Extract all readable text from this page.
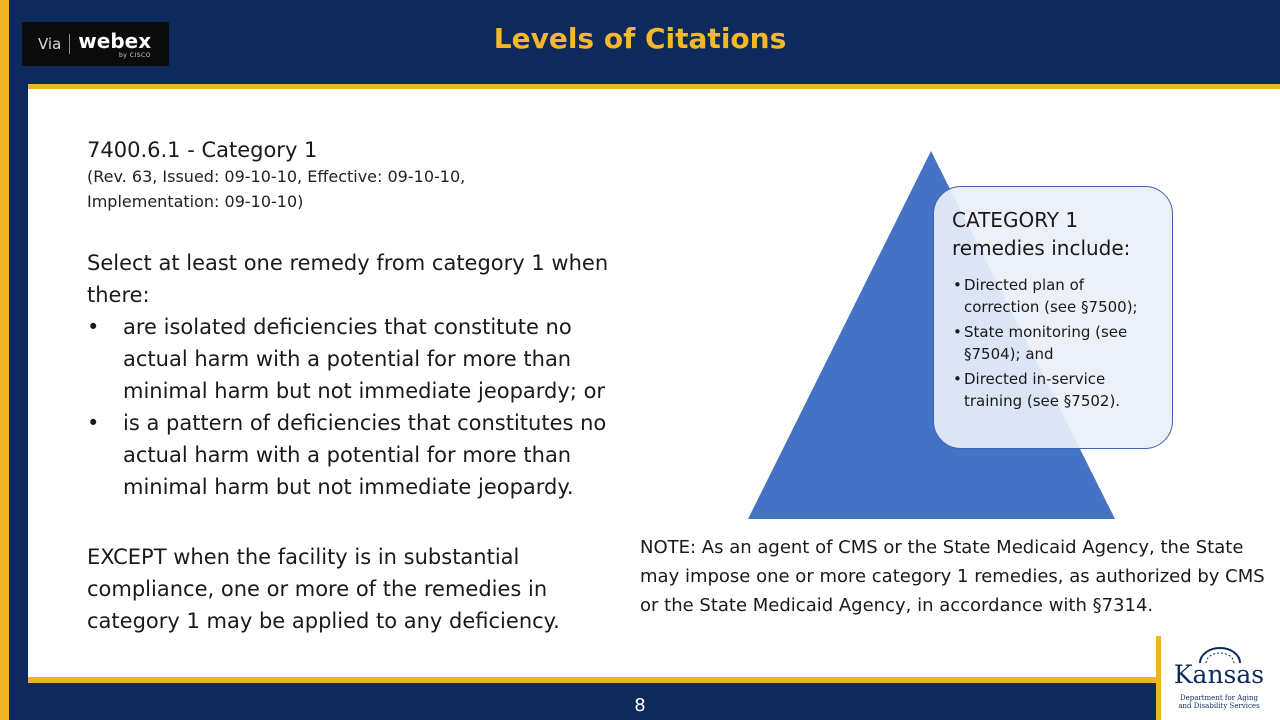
Levels of Citations
Via webex
by CISCO
7400.6.1 - Category 1
(Rev. 63, Issued: 09-10-10, Effective: 09-10-10,
Implementation: 09-10-10)
Select at least one remedy from category 1 when there:
• are isolated deficiencies that constitute no actual harm with a potential for more than minimal harm but not immediate jeopardy; or
• is a pattern of deficiencies that constitutes no actual harm with a potential for more than minimal harm but not immediate jeopardy.
EXCEPT when the facility is in substantial compliance, one or more of the remedies in category 1 may be applied to any deficiency.
CATEGORY 1 remedies include:
• Directed plan of correction (see §7500);
• State monitoring (see §7504); and
• Directed in-service training (see §7502).
NOTE: As an agent of CMS or the State Medicaid Agency, the State may impose one or more category 1 remedies, as authorized by CMS or the State Medicaid Agency, in accordance with §7314.
8
Kansas
Department for Aging
and Disability Services
